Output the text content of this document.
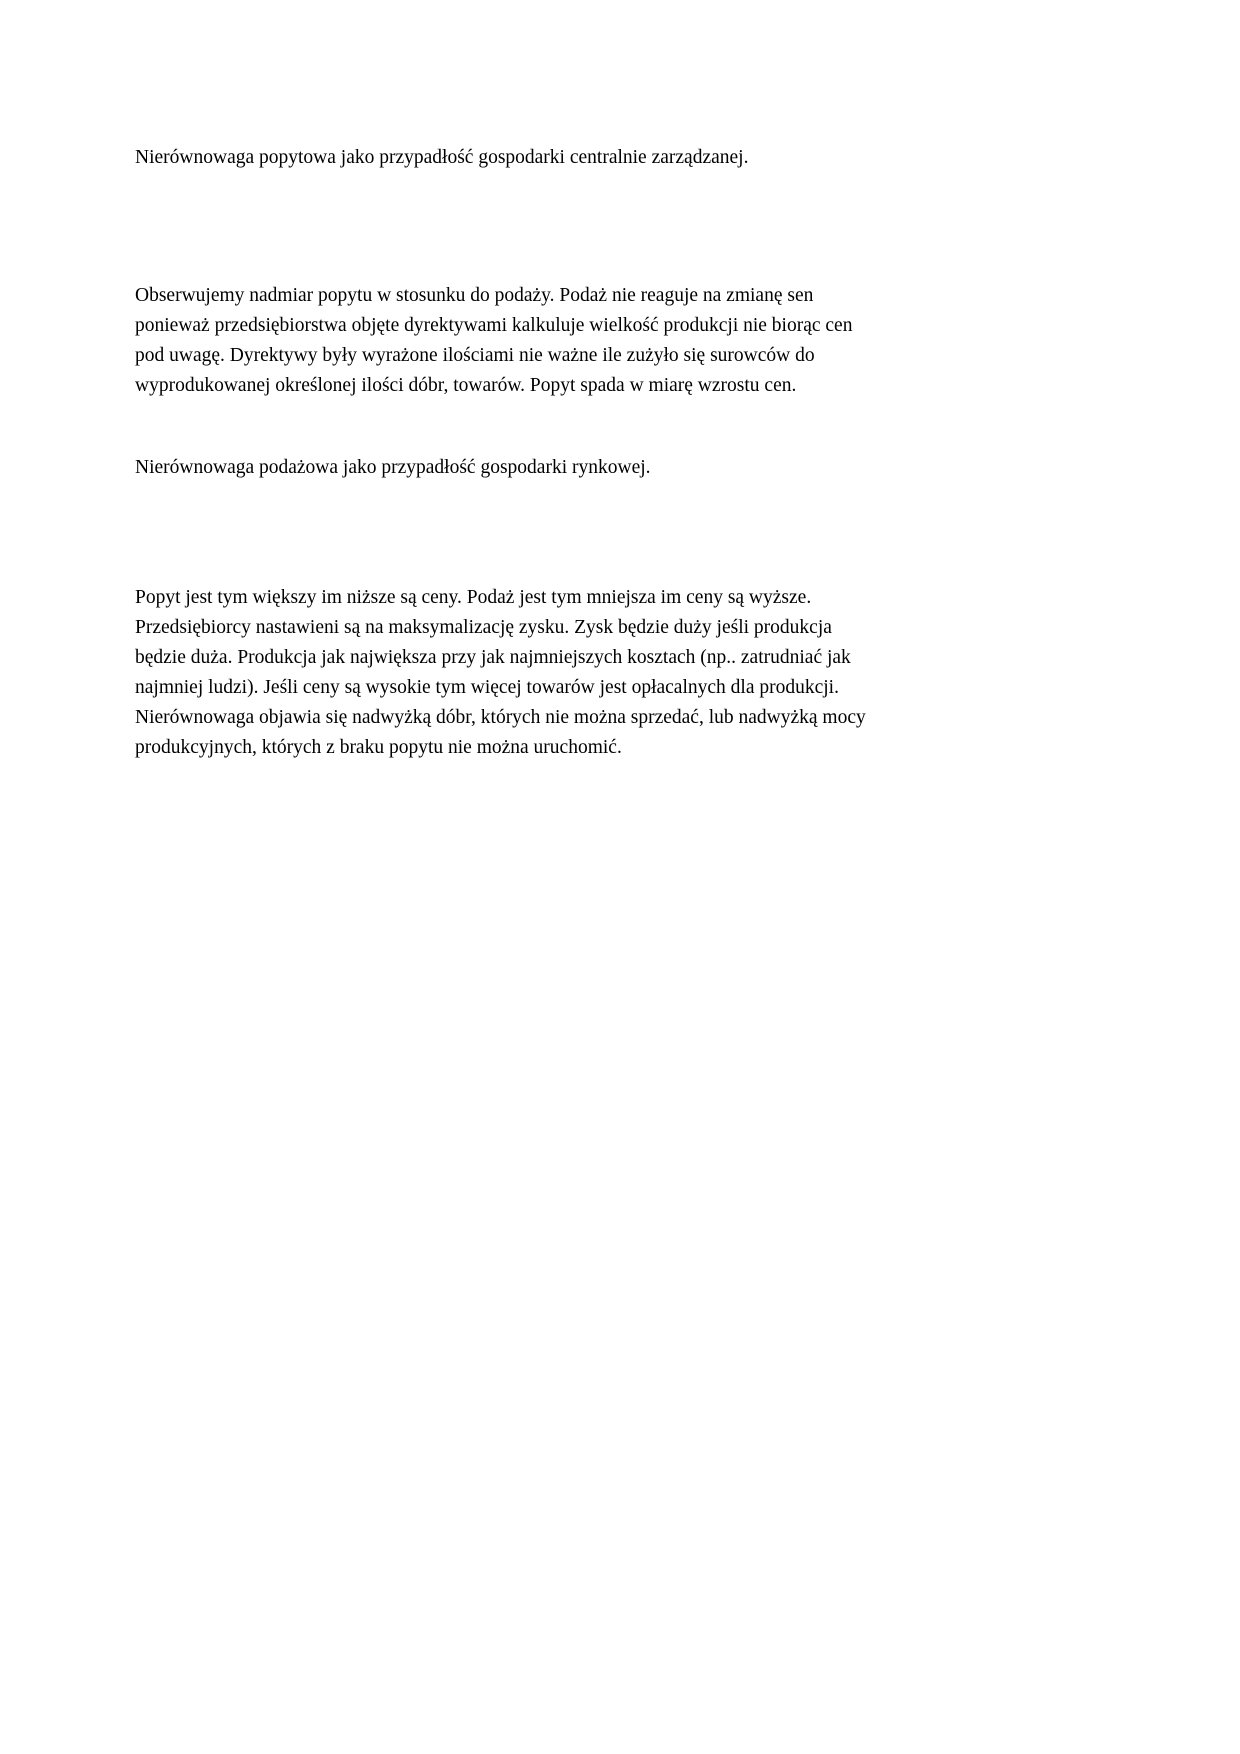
Nierównowaga popytowa jako przypadłość gospodarki centralnie zarządzanej.
Obserwujemy nadmiar popytu w stosunku do podaży. Podaż nie reaguje na zmianę sen
ponieważ przedsiębiorstwa objęte dyrektywami kalkuluje wielkość produkcji nie biorąc cen
pod uwagę. Dyrektywy były wyrażone ilościami nie ważne ile zużyło się surowców do
wyprodukowanej określonej ilości dóbr, towarów. Popyt spada w miarę wzrostu cen.
Nierównowaga podażowa jako przypadłość gospodarki rynkowej.
Popyt jest tym większy im niższe są ceny. Podaż jest tym mniejsza im ceny są wyższe.
Przedsiębiorcy nastawieni są na maksymalizację zysku. Zysk będzie duży jeśli produkcja
będzie duża. Produkcja jak największa przy jak najmniejszych kosztach (np.. zatrudniać jak
najmniej ludzi). Jeśli ceny są wysokie tym więcej towarów jest opłacalnych dla produkcji.
Nierównowaga objawia się nadwyżką dóbr, których nie można sprzedać, lub nadwyżką mocy
produkcyjnych, których z braku popytu nie można uruchomić.
